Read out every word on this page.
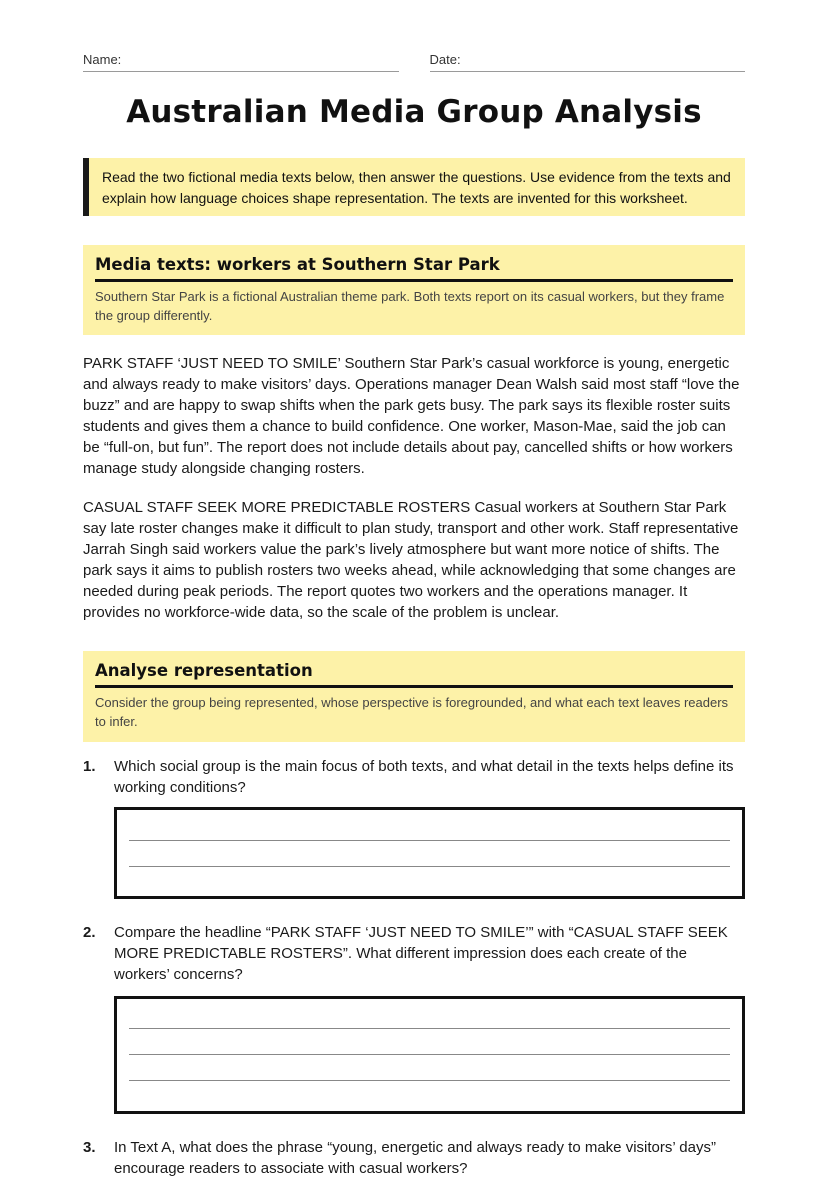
Name:	Date:
Australian Media Group Analysis
Read the two fictional media texts below, then answer the questions. Use evidence from the texts and explain how language choices shape representation. The texts are invented for this worksheet.
Media texts: workers at Southern Star Park

Southern Star Park is a fictional Australian theme park. Both texts report on its casual workers, but they frame the group differently.

PARK STAFF ‘JUST NEED TO SMILE’ Southern Star Park’s casual workforce is young, energetic and always ready to make visitors’ days. Operations manager Dean Walsh said most staff “love the buzz” and are happy to swap shifts when the park gets busy. The park says its flexible roster suits students and gives them a chance to build confidence. One worker, Mason-Mae, said the job can be “full-on, but fun”. The report does not include details about pay, cancelled shifts or how workers manage study alongside changing rosters.

CASUAL STAFF SEEK MORE PREDICTABLE ROSTERS Casual workers at Southern Star Park say late roster changes make it difficult to plan study, transport and other work. Staff representative Jarrah Singh said workers value the park’s lively atmosphere but want more notice of shifts. The park says it aims to publish rosters two weeks ahead, while acknowledging that some changes are needed during peak periods. The report quotes two workers and the operations manager. It provides no workforce-wide data, so the scale of the problem is unclear.

Analyse representation

Consider the group being represented, whose perspective is foregrounded, and what each text leaves readers to infer.

1. Which social group is the main focus of both texts, and what detail in the texts helps define its working conditions?
2. Compare the headline “PARK STAFF ‘JUST NEED TO SMILE’” with “CASUAL STAFF SEEK MORE PREDICTABLE ROSTERS”. What different impression does each create of the workers’ concerns?
3. In Text A, what does the phrase “young, energetic and always ready to make visitors’ days” encourage readers to associate with casual workers?
